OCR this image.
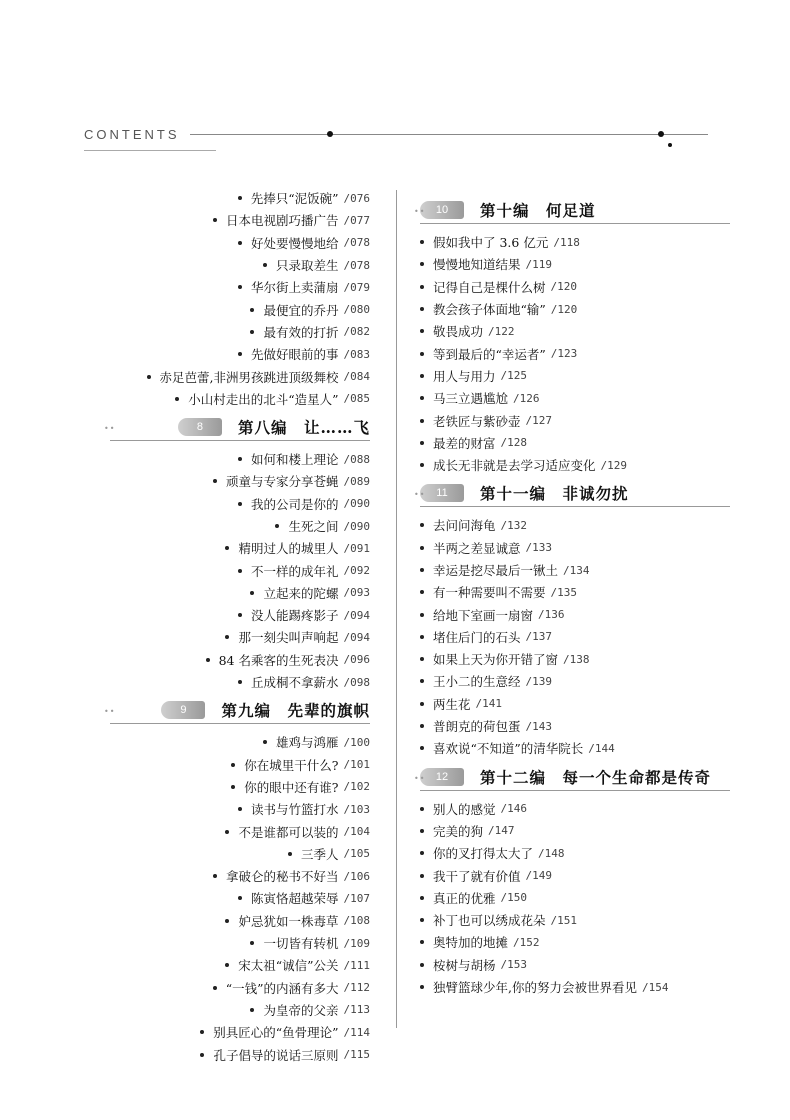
CONTENTS
先捧只“泥饭碗” /076
日本电视剧巧播广告 /077
好处要慢慢地给 /078
只录取差生 /078
华尔街上卖蒲扇 /079
最便宜的乔丹 /080
最有效的打折 /082
先做好眼前的事 /083
赤足芭蕾,非洲男孩跳进顶级舞校 /084
小山村走出的北斗“造星人” /085
••	8	第八编　让……飞
如何和楼上理论 /088
顽童与专家分享苍蝇 /089
我的公司是你的 /090
生死之间 /090
精明过人的城里人 /091
不一样的成年礼 /092
立起来的陀螺 /093
没人能踢疼影子 /094
那一刻尖叫声响起 /094
84 名乘客的生死表决 /096
丘成桐不拿薪水 /098
••	9	第九编　先辈的旗帜
雄鸡与鸿雁 /100
你在城里干什么? /101
你的眼中还有谁? /102
读书与竹篮打水 /103
不是谁都可以装的 /104
三季人 /105
拿破仑的秘书不好当 /106
陈寅恪超越荣辱 /107
妒忌犹如一株毒草 /108
一切皆有转机 /109
宋太祖“诚信”公关 /111
“一钱”的内涵有多大 /112
为皇帝的父亲 /113
别具匠心的“鱼骨理论” /114
孔子倡导的说话三原则 /115
•• 10	第十编　何足道
假如我中了 3.6 亿元 /118
慢慢地知道结果 /119
记得自己是棵什么树 /120
教会孩子体面地“输” /120
敬畏成功 /122
等到最后的“幸运者” /123
用人与用力 /125
马三立遇尴尬 /126
老铁匠与紫砂壶 /127
最差的财富 /128
成长无非就是去学习适应变化 /129
•• 11	第十一编　非诚勿扰
去问问海龟 /132
半两之差显诚意 /133
幸运是挖尽最后一锹土 /134
有一种需要叫不需要 /135
给地下室画一扇窗 /136
堵住后门的石头 /137
如果上天为你开错了窗 /138
王小二的生意经 /139
两生花 /141
普朗克的荷包蛋 /143
喜欢说“不知道”的清华院长 /144
•• 12	第十二编　每一个生命都是传奇
别人的感觉 /146
完美的狗 /147
你的叉打得太大了 /148
我干了就有价值 /149
真正的优雅 /150
补丁也可以绣成花朵 /151
奥特加的地摊 /152
桉树与胡杨 /153
独臂篮球少年,你的努力会被世界看见 /154
